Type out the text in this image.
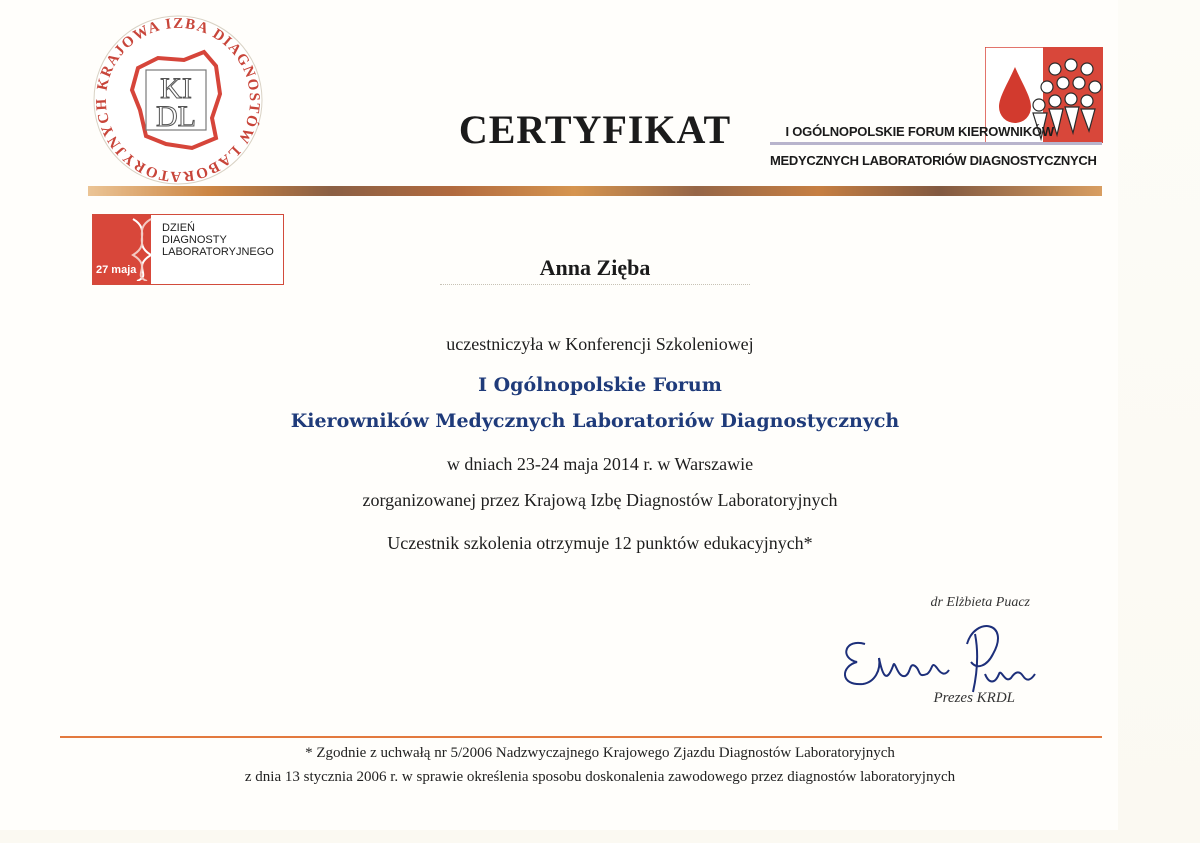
KRAJOWA IZBA DIAGNOSTÓW LABORATORYJNYCH	KI
DL	CERTYFIKAT	I OGÓLNOPOLSKIE FORUM KIEROWNIKÓW
MEDYCZNYCH LABORATORIÓW DIAGNOSTYCZNYCH
27 maja
DZIEŃ
DIAGNOSTY
LABORATORYJNEGO
Anna Zięba
uczestniczyła w Konferencji Szkoleniowej
I Ogólnopolskie Forum
Kierowników Medycznych Laboratoriów Diagnostycznych
w dniach 23-24 maja 2014 r. w Warszawie
zorganizowanej przez Krajową Izbę Diagnostów Laboratoryjnych
Uczestnik szkolenia otrzymuje 12 punktów edukacyjnych*
dr Elżbieta Puacz
Prezes KRDL
* Zgodnie z uchwałą nr 5/2006 Nadzwyczajnego Krajowego Zjazdu Diagnostów Laboratoryjnych
z dnia 13 stycznia 2006 r. w sprawie określenia sposobu doskonalenia zawodowego przez diagnostów laboratoryjnych
